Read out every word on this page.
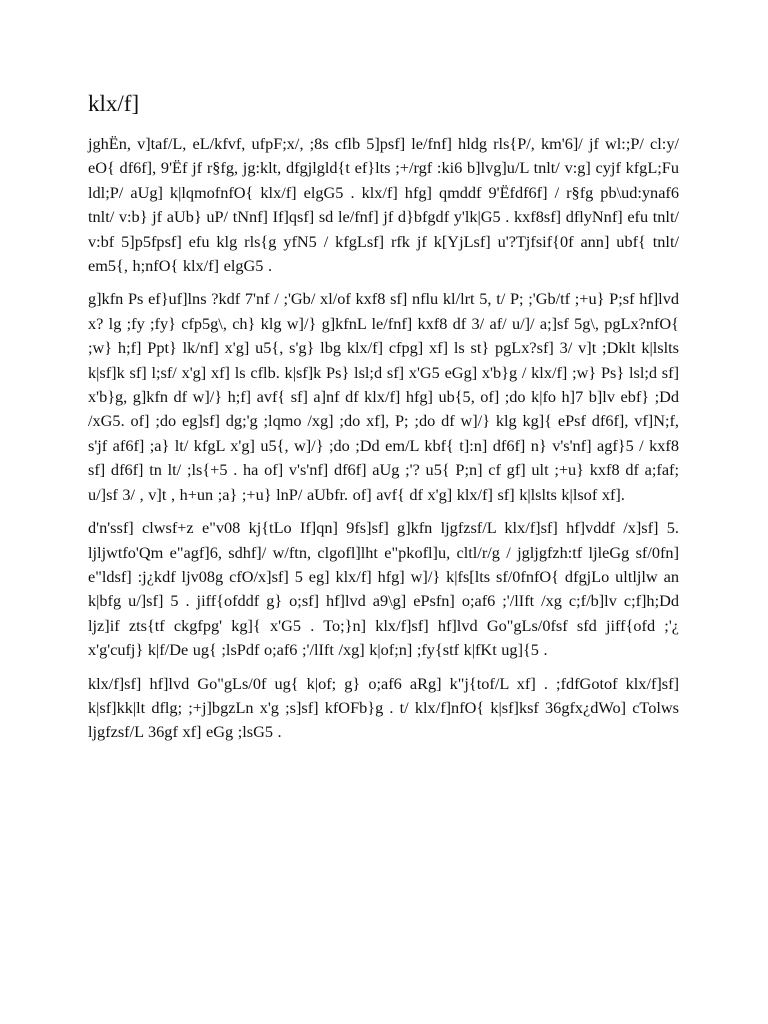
klx/f]

jghËn, v]taf/L, eL/kfvf, ufpF;x/, ;8s cflb 5]psf] le/fnf] hldg rls{P/, km'6]/ jf wl:;P/ cl:y/ eO{ df6f], 9'Ëf jf r§fg, jg:klt, dfgjlgld{t ef}lts ;+/rgf :ki6 b]lvg]u/L tnlt/ v:g] cyjf kfgL;Fu ldl;P/ aUg] k|lqmofnfO{ klx/f] elgG5 . klx/f] hfg] qmddf 9'Ëfdf6f] / r§fg pb\ud:ynaf6 tnlt/ v:b} jf aUb} uP/ tNnf] If]qsf] sd le/fnf] jf d}bfgdf y'lk|G5 . kxf8sf] dflyNnf] efu tnlt/ v:bf 5]p5fpsf] efu klg rls{g yfN5 / kfgLsf] rfk jf k[YjLsf] u'?Tjfsif{0f ann] ubf{ tnlt/ em5{, h;nfO{ klx/f] elgG5 .

g]kfn Ps ef}uf]lns ?kdf 7'nf / ;'Gb/ xl/of kxf8 sf] nflu kl/lrt 5, t/ P; ;'Gb/tf ;+u} P;sf hf]lvd x? lg ;fy ;fy} cfp5g\, ch} klg w]/} g]kfnL le/fnf] kxf8 df 3/ af/ u/]/ a;]sf 5g\, pgLx?nfO{ ;w} h;f] Ppt} lk/nf] x'g] u5{, s'g} lbg klx/f] cfpg] xf] ls st} pgLx?sf] 3/ v]t ;Dklt k|lslts k|sf]k sf] l;sf/ x'g] xf] ls cflb. k|sf]k Ps} lsl;d sf] x'G5 eGg] x'b}g / klx/f] ;w} Ps} lsl;d sf] x'b}g, g]kfn df w]/} h;f] avf{ sf] a]nf df klx/f] hfg] ub{5, of] ;do k|fo h]7 b]lv ebf} ;Dd /xG5. of] ;do eg]sf] dg;'g ;lqmo /xg] ;do xf], P; ;do df w]/} klg kg]{ ePsf df6f], vf]N;f, s'jf af6f] ;a} lt/ kfgL x'g] u5{, w]/} ;do ;Dd em/L kbf{ t]:n] df6f] n} v's'nf] agf}5 / kxf8 sf] df6f] tn lt/ ;ls{+5 . ha of] v's'nf] df6f] aUg ;'? u5{ P;n] cf gf] ult ;+u} kxf8 df a;faf; u/]sf 3/ , v]t , h+un ;a} ;+u} lnP/ aUbfr. of] avf{ df x'g] klx/f] sf] k|lslts k|lsof xf].

d'n'ssf] clwsf+z e"v08 kj{tLo If]qn] 9fs]sf] g]kfn ljgfzsf/L klx/f]sf] hf]vddf /x]sf] 5. ljljwtfo'Qm e"agf]6, sdhf]/ w/ftn, clgofl]lht e"pkofl]u, cltl/r/g / jgljgfzh:tf ljleGg sf/0fn] e"ldsf] :j¿kdf ljv08g cfO/x]sf] 5 eg] klx/f] hfg] w]/} k|fs[lts sf/0fnfO{ dfgjLo ultljlw an k|bfg u/]sf] 5 . jiff{ofddf g} o;sf] hf]lvd a9\g] ePsfn] o;af6 ;'/lIft /xg c;f/b]lv c;f]h;Dd ljz]if zts{tf ckgfpg' kg]{ x'G5 . To;}n] klx/f]sf] hf]lvd Go"gLs/0fsf sfd jiff{ofd ;'¿ x'g'cufj} k|f/De ug{ ;lsPdf o;af6 ;'/lIft /xg] k|of;n] ;fy{stf k|fKt ug]{5 .

klx/f]sf] hf]lvd Go"gLs/0f ug{ k|of; g} o;af6 aRg] k"j{tof/L xf] . ;fdfGotof klx/f]sf] k|sf]kk|lt dflg; ;+j]bgzLn x'g ;s]sf] kfOFb}g . t/ klx/f]nfO{ k|sf]ksf 36gfx¿dWo] cTolws ljgfzsf/L 36gf xf] eGg ;lsG5 .
